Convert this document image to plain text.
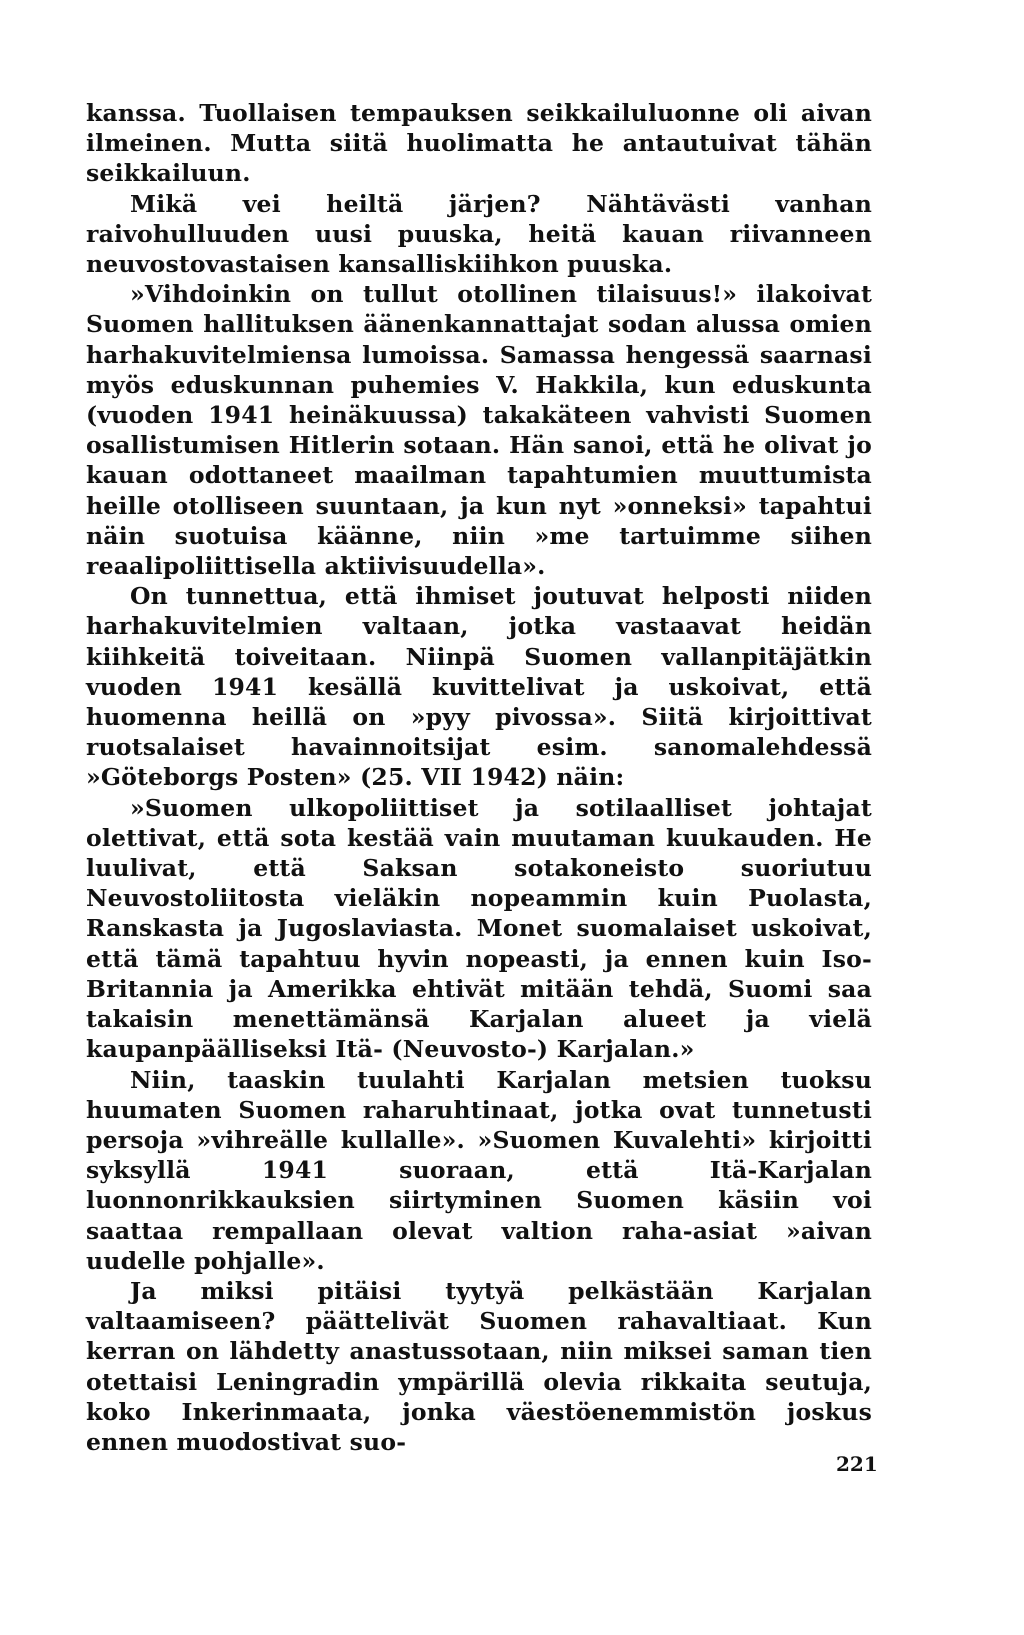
kanssa. Tuollaisen tempauksen seikkailuluonne oli aivan ilmeinen. Mutta siitä huolimatta he antautuivat tähän seikkailuun.

Mikä vei heiltä järjen? Nähtävästi vanhan raivohulluuden uusi puuska, heitä kauan riivanneen neuvostovastaisen kansalliskiihkon puuska.

»Vihdoinkin on tullut otollinen tilaisuus!» ilakoivat Suomen hallituksen äänenkannattajat sodan alussa omien harhakuvitelmiensa lumoissa. Samassa hengessä saarnasi myös eduskunnan puhemies V. Hakkila, kun eduskunta (vuoden 1941 heinäkuussa) takakäteen vahvisti Suomen osallistumisen Hitlerin sotaan. Hän sanoi, että he olivat jo kauan odottaneet maailman tapahtumien muuttumista heille otolliseen suuntaan, ja kun nyt »onneksi» tapahtui näin suotuisa käänne, niin »me tartuimme siihen reaalipoliittisella aktiivisuudella».

On tunnettua, että ihmiset joutuvat helposti niiden harhakuvitelmien valtaan, jotka vastaavat heidän kiihkeitä toiveitaan. Niinpä Suomen vallanpitäjätkin vuoden 1941 kesällä kuvittelivat ja uskoivat, että huomenna heillä on »pyy pivossa». Siitä kirjoittivat ruotsalaiset havainnoitsijat esim. sanomalehdessä »Göteborgs Posten» (25. VII 1942) näin:

»Suomen ulkopoliittiset ja sotilaalliset johtajat olettivat, että sota kestää vain muutaman kuukauden. He luulivat, että Saksan sotakoneisto suoriutuu Neuvostoliitosta vieläkin nopeammin kuin Puolasta, Ranskasta ja Jugoslaviasta. Monet suomalaiset uskoivat, että tämä tapahtuu hyvin nopeasti, ja ennen kuin Iso-Britannia ja Amerikka ehtivät mitään tehdä, Suomi saa takaisin menettämänsä Karjalan alueet ja vielä kaupanpäälliseksi Itä- (Neuvosto-) Karjalan.»

Niin, taaskin tuulahti Karjalan metsien tuoksu huumaten Suomen raharuhtinaat, jotka ovat tunnetusti persoja »vihreälle kullalle». »Suomen Kuvalehti» kirjoitti syksyllä 1941 suoraan, että Itä-Karjalan luonnonrikkauksien siirtyminen Suomen käsiin voi saattaa rempallaan olevat valtion raha-asiat »aivan uudelle pohjalle».

Ja miksi pitäisi tyytyä pelkästään Karjalan valtaamiseen? päättelivät Suomen rahavaltiaat. Kun kerran on lähdetty anastussotaan, niin miksei saman tien otettaisi Leningradin ympärillä olevia rikkaita seutuja, koko Inkerinmaata, jonka väestöenemmistön joskus ennen muodostivat suo-

221
